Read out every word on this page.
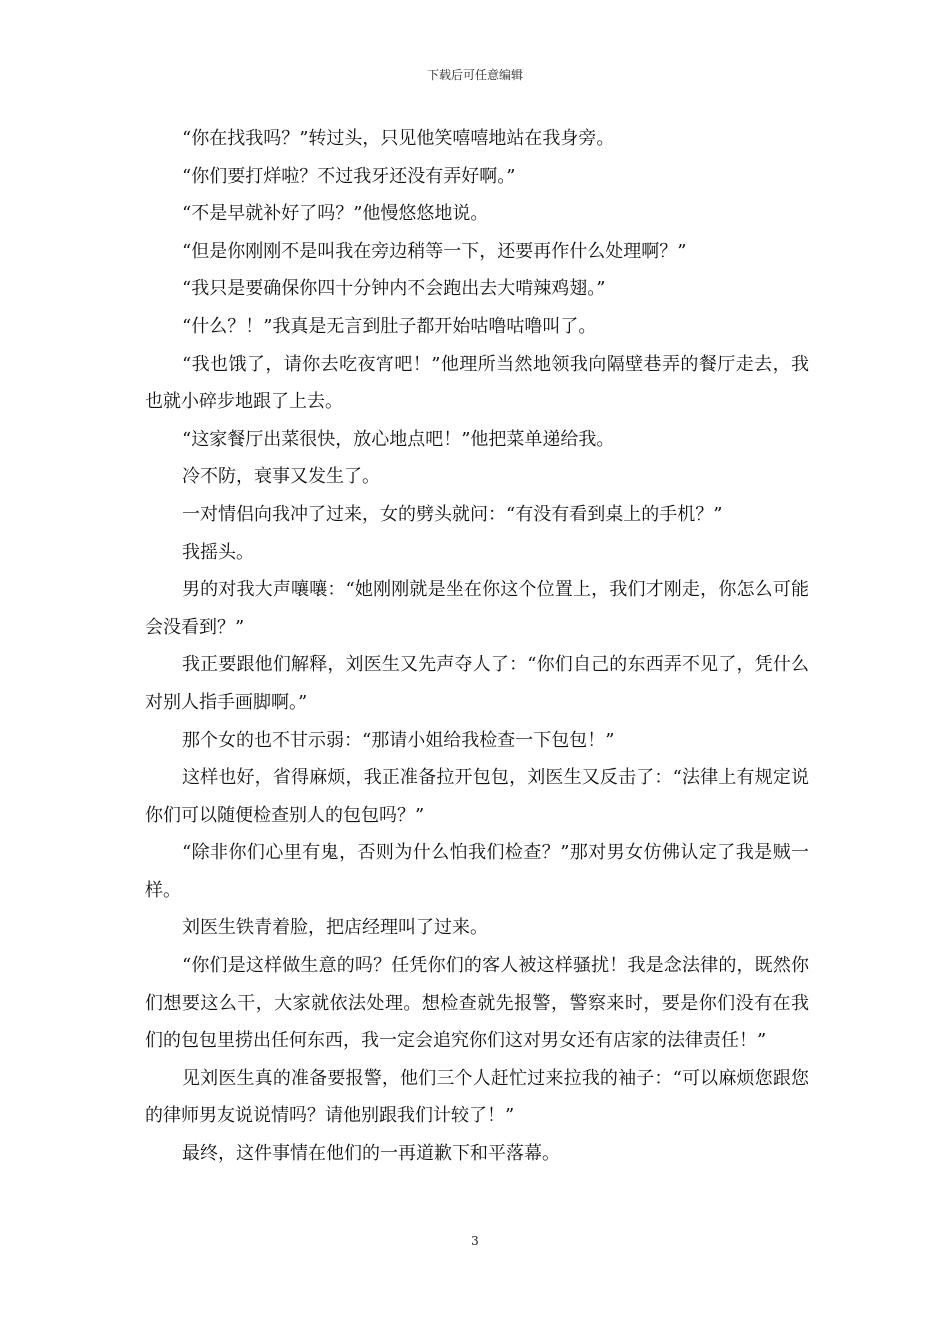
下载后可任意编辑

“你在找我吗？”转过头，只见他笑嘻嘻地站在我身旁。

“你们要打烊啦？不过我牙还没有弄好啊。”

“不是早就补好了吗？”他慢悠悠地说。

“但是你刚刚不是叫我在旁边稍等一下，还要再作什么处理啊？”

“我只是要确保你四十分钟内不会跑出去大啃辣鸡翅。”

“什么？！”我真是无言到肚子都开始咕噜咕噜叫了。

“我也饿了，请你去吃夜宵吧！”他理所当然地领我向隔壁巷弄的餐厅走去，我也就小碎步地跟了上去。

“这家餐厅出菜很快，放心地点吧！”他把菜单递给我。

冷不防，衰事又发生了。

一对情侣向我冲了过来，女的劈头就问：“有没有看到桌上的手机？”

我摇头。

男的对我大声嚷嚷：“她刚刚就是坐在你这个位置上，我们才刚走，你怎么可能会没看到？”

我正要跟他们解释，刘医生又先声夺人了：“你们自己的东西弄不见了，凭什么对别人指手画脚啊。”

那个女的也不甘示弱：“那请小姐给我检查一下包包！”

这样也好，省得麻烦，我正准备拉开包包，刘医生又反击了：“法律上有规定说你们可以随便检查别人的包包吗？”

“除非你们心里有鬼，否则为什么怕我们检查？”那对男女仿佛认定了我是贼一样。

刘医生铁青着脸，把店经理叫了过来。

“你们是这样做生意的吗？任凭你们的客人被这样骚扰！我是念法律的，既然你们想要这么干，大家就依法处理。想检查就先报警，警察来时，要是你们没有在我们的包包里捞出任何东西，我一定会追究你们这对男女还有店家的法律责任！”

见刘医生真的准备要报警，他们三个人赶忙过来拉我的袖子：“可以麻烦您跟您的律师男友说说情吗？请他别跟我们计较了！”

最终，这件事情在他们的一再道歉下和平落幕。

3
